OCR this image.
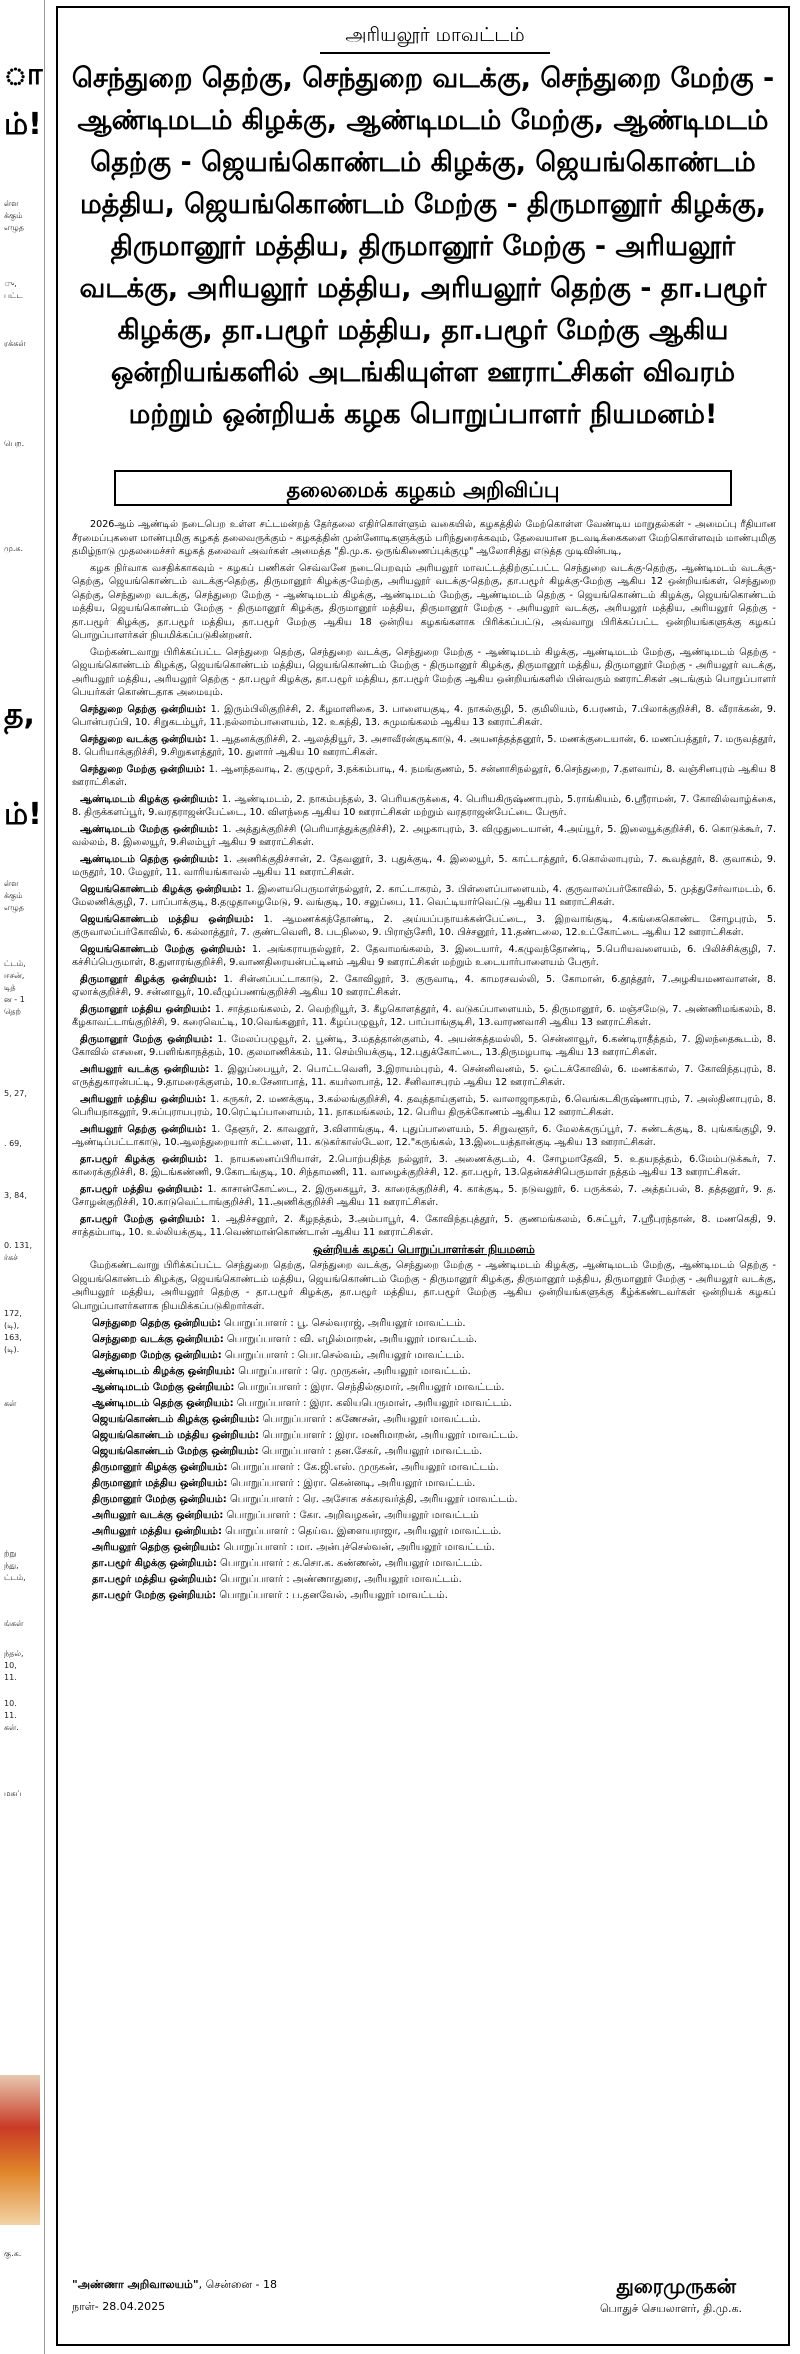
ா
ம்!
ள்ள
க்கும்
எழுத
ு,
பட்ட
ரக்கள்
பெற.
மு.க.
த,
ம்!
ள்ள
க்கும்
எழுத
ட்டம்,
ஈசன்,
டித்
ன - 1
தெற்
5, 27,
. 69,
3, 84,
0. 131,
ர்கச்
172,
(டி),
163,
(டி).
கள்
ற்று
ந்து,
ட்டம்,
ங்கள்
ந்தல்,
10,
11.
10.
11.
கள்.
மகப்
கு.க.
அரியலூர் மாவட்டம்
செந்துறை தெற்கு, செந்துறை வடக்கு, செந்துறை மேற்கு - ஆண்டிமடம் கிழக்கு, ஆண்டிமடம் மேற்கு, ஆண்டிமடம் தெற்கு - ஜெயங்கொண்டம் கிழக்கு, ஜெயங்கொண்டம் மத்திய, ஜெயங்கொண்டம் மேற்கு - திருமானூர் கிழக்கு, திருமானூர் மத்திய, திருமானூர் மேற்கு - அரியலூர் வடக்கு, அரியலூர் மத்திய, அரியலூர் தெற்கு - தா.பழூர் கிழக்கு, தா.பழூர் மத்திய, தா.பழூர் மேற்கு ஆகிய ஒன்றியங்களில் அடங்கியுள்ள ஊராட்சிகள் விவரம் மற்றும் ஒன்றியக் கழக பொறுப்பாளர் நியமனம்!
தலைமைக் கழகம் அறிவிப்பு

2026ஆம் ஆண்டில் நடைபெற உள்ள சட்டமன்றத் தேர்தலை எதிர்கொள்ளும் வகையில், கழகத்தில் மேற்கொள்ள வேண்டிய மாறுதல்கள் - அமைப்பு ரீதியான சீரமைப்புகளை மாண்புமிகு கழகத் தலைவருக்கும் - கழகத்தின் முன்னோடிகளுக்கும் பரிந்துரைக்கவும், தேவையான நடவடிக்கைகளை மேற்கொள்ளவும் மாண்புமிகு தமிழ்நாடு முதலமைச்சர் கழகத் தலைவர் அவர்கள் அமைத்த "தி.மு.க. ஒருங்கிணைப்புக்குழு" ஆலோசித்து எடுத்த முடிவின்படி,

கழக நிர்வாக வசதிக்காகவும் - கழகப் பணிகள் செவ்வனே நடைபெறவும் அரியலூர் மாவட்டத்திற்குட்பட்ட செந்துறை வடக்கு-தெற்கு, ஆண்டிமடம் வடக்கு-தெற்கு, ஜெயங்கொண்டம் வடக்கு-தெற்கு, திருமானூர் கிழக்கு-மேற்கு, அரியலூர் வடக்கு-தெற்கு, தா.பழூர் கிழக்கு-மேற்கு ஆகிய 12 ஒன்றியங்கள், செந்துறை தெற்கு, செந்துறை வடக்கு, செந்துறை மேற்கு - ஆண்டிமடம் கிழக்கு, ஆண்டிமடம் மேற்கு, ஆண்டிமடம் தெற்கு - ஜெயங்கொண்டம் கிழக்கு, ஜெயங்கொண்டம் மத்திய, ஜெயங்கொண்டம் மேற்கு - திருமானூர் கிழக்கு, திருமானூர் மத்திய, திருமானூர் மேற்கு - அரியலூர் வடக்கு, அரியலூர் மத்திய, அரியலூர் தெற்கு - தா.பழூர் கிழக்கு, தா.பழூர் மத்திய, தா.பழூர் மேற்கு ஆகிய 18 ஒன்றிய கழகங்களாக பிரிக்கப்பட்டு, அவ்வாறு பிரிக்கப்பட்ட ஒன்றியங்களுக்கு கழகப் பொறுப்பாளர்கள் நியமிக்கப்படுகின்றனர்.

மேற்கண்டவாறு பிரிக்கப்பட்ட செந்துறை தெற்கு, செந்துறை வடக்கு, செந்துறை மேற்கு - ஆண்டிமடம் கிழக்கு, ஆண்டிமடம் மேற்கு, ஆண்டிமடம் தெற்கு - ஜெயங்கொண்டம் கிழக்கு, ஜெயங்கொண்டம் மத்திய, ஜெயங்கொண்டம் மேற்கு - திருமானூர் கிழக்கு, திருமானூர் மத்திய, திருமானூர் மேற்கு - அரியலூர் வடக்கு, அரியலூர் மத்திய, அரியலூர் தெற்கு - தா.பழூர் கிழக்கு, தா.பழூர் மத்திய, தா.பழூர் மேற்கு ஆகிய ஒன்றியங்களில் பின்வரும் ஊராட்சிகள் அடங்கும் பொறுப்பாளர் பெயர்கள் கொண்டதாக அமையும்.

செந்துறை தெற்கு ஒன்றியம்: 1. இரும்பிலிகுறிச்சி, 2. கீழமாளிகை, 3. பாளையகுடி, 4. நாகல்குழி, 5. குமிலியம், 6.பரணம், 7.பிலாக்குறிச்சி, 8. வீராக்கன், 9. பொன்பரப்பி, 10. சிறுகடம்பூர், 11.நல்லாம்பாளையம், 12. உகந்தி, 13. சுமுமங்கலம் ஆகிய 13 ஊராட்சிகள்.

செந்துறை வடக்கு ஒன்றியம்: 1. ஆதனக்குறிச்சி, 2. ஆலத்தியூர், 3. அசாவீரன்குடிகாடு, 4. அயனத்தத்தனூர், 5. மணக்குடையான், 6. மணப்பத்தூர், 7. மருவத்தூர், 8. பெரியாக்குறிச்சி, 9.சிறுகளத்தூர், 10. துளார் ஆகிய 10 ஊராட்சிகள்.

செந்துறை மேற்கு ஒன்றியம்: 1. ஆனந்தவாடி, 2. குழுமூர், 3.நக்கம்பாடி, 4. நமங்குணம், 5. சன்னாசிநல்லூர், 6.செந்துறை, 7.தளவாய், 8. வஞ்சினபுரம் ஆகிய 8 ஊராட்சிகள்.

ஆண்டிமடம் கிழக்கு ஒன்றியம்: 1. ஆண்டிமடம், 2. நாகம்பந்தல், 3. பெரியகருக்கை, 4. பெரியகிருஷ்ணாபுரம், 5.ராங்கியம், 6.ஸ்ரீராமன், 7. கோவில்வாழ்க்கை, 8. திருக்களப்பூர், 9.வரதராஜன்பேட்டை, 10. விளந்தை ஆகிய 10 ஊராட்சிகள் மற்றும் வரதராஜன்பேட்டை பேரூர்.

ஆண்டிமடம் மேற்கு ஒன்றியம்: 1. அத்துக்குறிச்சி (பெரியாத்துக்குறிச்சி), 2. அழகாபுரம், 3. விழுதுடையான், 4.அய்யூர், 5. இலையூக்குறிச்சி, 6. கொடுக்கூர், 7. வல்லம், 8. இலையூர், 9.சிலம்பூர் ஆகிய 9 ஊராட்சிகள்.

ஆண்டிமடம் தெற்கு ஒன்றியம்: 1. அணிக்குதிச்சான், 2. தேவனூர், 3. புதுக்குடி, 4. இலையூர், 5. காட்டாத்தூர், 6.கொல்லாபுரம், 7. கூவத்தூர், 8. குவாகம், 9. மருதூர், 10. மேலூர், 11. வாரியங்காவல் ஆகிய 11 ஊராட்சிகள்.

ஜெயங்கொண்டம் கிழக்கு ஒன்றியம்: 1. இளையபெருமாள்நல்லூர், 2. காட்டாகரம், 3. பிள்ளைப்பாளையம், 4. குருவாலப்பர்கோவில், 5. முத்துசேர்வாமடம், 6. மேலணிக்குழி, 7. பாப்பாக்குடி, 8.தழுதாழைமேடு, 9. வங்குடி, 10. சலுப்பை, 11. வெட்டியார்வெட்டு ஆகிய 11 ஊராட்சிகள்.

ஜெயங்கொண்டம் மத்திய ஒன்றியம்: 1. ஆமணக்கந்தோண்டி, 2. அய்யப்பநாயக்கன்பேட்டை, 3. இறவாங்குடி, 4.கங்கைகொண்ட சோழபுரம், 5. குருவாலப்பர்கோவில், 6. கல்லாத்தூர், 7. குண்டவெளி, 8. படநிலை, 9. பிராஞ்சேரி, 10. பிச்சனூர், 11.தண்டலை, 12.உட்கோட்டை ஆகிய 12 ஊராட்சிகள்.

ஜெயங்கொண்டம் மேற்கு ஒன்றியம்: 1. அங்கராயநல்லூர், 2. தேவாமங்கலம், 3. இடையார், 4.கழுவந்தோண்டி, 5.பெரியவளையம், 6. பிலிச்சிக்குழி, 7. கச்சிப்பெருமாள், 8.துளாரங்குறிச்சி, 9.வாணதிரையன்பட்டினம் ஆகிய 9 ஊராட்சிகள் மற்றும் உடையார்பாளையம் பேரூர்.

திருமானூர் கிழக்கு ஒன்றியம்: 1. சின்னப்பட்டாகாடு, 2. கோவிலூர், 3. குருவாடி, 4. காமரசவல்லி, 5. கோமான், 6.தூத்தூர், 7.அழகியமணவாளன், 8. ஏலாக்குறிச்சி, 9. சன்னாவூர், 10.வீழுப்பணங்குறிச்சி ஆகிய 10 ஊராட்சிகள்.

திருமானூர் மத்திய ஒன்றியம்: 1. சாத்தமங்கலம், 2. வெற்றியூர், 3. கீழகொளத்தூர், 4. வடுகப்பாளையம், 5. திருமானூர், 6. மஞ்சமேடு, 7. அண்ணிமங்கலம், 8. கீழகாவட்டாங்குறிச்சி, 9. கரைவெட்டி, 10.வெங்கனூர், 11. கீழப்பழுவூர், 12. பாப்பாங்குடிசி, 13.வாரணவாசி ஆகிய 13 ஊராட்சிகள்.

திருமானூர் மேற்கு ஒன்றியம்: 1. மேலப்பழுவூர், 2. பூண்டி, 3.மதத்தான்குளம், 4. அயன்சுத்தமல்லி, 5. சென்னாவூர், 6.கண்டிராதீத்தம், 7. இலந்தைகூடம், 8. கோவில் எசனை, 9.பளிங்காநத்தம், 10. குலமாணிக்கம், 11. செம்பியக்குடி, 12.புதுக்கோட்டை, 13.திருமழபாடி ஆகிய 13 ஊராட்சிகள்.

அரியலூர் வடக்கு ஒன்றியம்: 1. இலுப்பையூர், 2. பொட்டவெளி, 3.இராயம்புரம், 4. சென்னிவனம், 5. ஓட்டக்கோவில், 6. மணக்கால், 7. கோவிந்தபுரம், 8. எருத்துகாரன்பட்டி, 9.தாமரைக்குளம், 10.உசேனாபாத், 11. கயர்லாபாத், 12. சீனிவாசபுரம் ஆகிய 12 ஊராட்சிகள்.

அரியலூர் மத்திய ஒன்றியம்: 1. கருகர், 2. மணக்குடி, 3.கல்லங்குறிச்சி, 4. தவுத்தாய்குளம், 5. வாலாஜாநகரம், 6.வெங்கடகிருஷ்ணாபுரம், 7. அஸ்தினாபுரம், 8. பெரியநாகலூர், 9.சுப்புராயபுரம், 10.ரெட்டிப்பாளையம், 11. நாகமங்கலம், 12. பெரிய திருக்கோணம் ஆகிய 12 ஊராட்சிகள்.

அரியலூர் தெற்கு ஒன்றியம்: 1. தேளூர், 2. காவனூர், 3.விளாங்குடி, 4. புதுப்பாளையம், 5. சிறுவளூர், 6. மேலக்கருப்பூர், 7. சுண்டக்குடி, 8. புங்கங்குழி, 9. ஆண்டிப்பட்டாகாடு, 10.ஆலந்துறையார் கட்டளை, 11. கடுகர்காஸ்டேலா, 12."கருங்கல், 13.இடையத்தான்குடி ஆகிய 13 ஊராட்சிகள்.

தா.பழூர் கிழக்கு ஒன்றியம்: 1. நாயகனைப்பிரியாள், 2.பொற்பதிந்த நல்லூர், 3. அணைக்குடம், 4. சோழமாதேவி, 5. உதயநத்தம், 6.மேம்படுக்கூர், 7. காரைக்குறிச்சி, 8. இடங்கண்ணி, 9.கோடங்குடி, 10. சிந்தாமணி, 11. வாழைக்குறிச்சி, 12. தா.பழூர், 13.தென்கச்சிபெருமாள் நத்தம் ஆகிய 13 ஊராட்சிகள்.

தா.பழூர் மத்திய ஒன்றியம்: 1. காசான்கோட்டை, 2. இருகையூர், 3. காரைக்குறிச்சி, 4. காக்குடி, 5. நடுவலூர், 6. பருக்கல், 7. அத்தப்பல், 8. தத்தனூர், 9. த. சோழன்குறிச்சி, 10.காடுவெட்டாங்குறிச்சி, 11.அணிக்குறிச்சி ஆகிய 11 ஊராட்சிகள்.

தா.பழூர் மேற்கு ஒன்றியம்: 1. ஆதிச்சனூர், 2. கீழநத்தம், 3.அம்பாபூர், 4. கோவிந்தபுத்தூர், 5. குணமங்கலம், 6.சுட்பூர், 7.ஸ்ரீபுரந்தான், 8. மணகெதி, 9. சாத்தம்பாடி, 10. உல்லியக்குடி, 11.வெண்மான்கொண்டான் ஆகிய 11 ஊராட்சிகள்.

ஒன்றியக் கழகப் பொறுப்பாளர்கள் நியமனம்

மேற்கண்டவாறு பிரிக்கப்பட்ட செந்துறை தெற்கு, செந்துறை வடக்கு, செந்துறை மேற்கு - ஆண்டிமடம் கிழக்கு, ஆண்டிமடம் மேற்கு, ஆண்டிமடம் தெற்கு - ஜெயங்கொண்டம் கிழக்கு, ஜெயங்கொண்டம் மத்திய, ஜெயங்கொண்டம் மேற்கு - திருமானூர் கிழக்கு, திருமானூர் மத்திய, திருமானூர் மேற்கு - அரியலூர் வடக்கு, அரியலூர் மத்திய, அரியலூர் தெற்கு - தா.பழூர் கிழக்கு, தா.பழூர் மத்திய, தா.பழூர் மேற்கு ஆகிய ஒன்றியங்களுக்கு கீழ்க்கண்டவர்கள் ஒன்றியக் கழகப் பொறுப்பாளர்களாக நியமிக்கப்படுகிறார்கள்.

செந்துறை தெற்கு ஒன்றியம்: பொறுப்பாளர் : பூ. செல்வராஜ், அரியலூர் மாவட்டம்.
செந்துறை வடக்கு ஒன்றியம்: பொறுப்பாளர் : வி. எழில்மாறன், அரியலூர் மாவட்டம்.
செந்துறை மேற்கு ஒன்றியம்: பொறுப்பாளர் : பொ.செல்வம், அரியலூர் மாவட்டம்.
ஆண்டிமடம் கிழக்கு ஒன்றியம்: பொறுப்பாளர் : ரெ. முருகன், அரியலூர் மாவட்டம்.
ஆண்டிமடம் மேற்கு ஒன்றியம்: பொறுப்பாளர் : இரா. செந்தில்குமார், அரியலூர் மாவட்டம்.
ஆண்டிமடம் தெற்கு ஒன்றியம்: பொறுப்பாளர் : இரா. கலியபெருமாள், அரியலூர் மாவட்டம்.
ஜெயங்கொண்டம் கிழக்கு ஒன்றியம்: பொறுப்பாளர் : கணேசன், அரியலூர் மாவட்டம்.
ஜெயங்கொண்டம் மத்திய ஒன்றியம்: பொறுப்பாளர் : இரா. மணிமாறன், அரியலூர் மாவட்டம்.
ஜெயங்கொண்டம் மேற்கு ஒன்றியம்: பொறுப்பாளர் : தன.சேகர், அரியலூர் மாவட்டம்.
திருமானூர் கிழக்கு ஒன்றியம்: பொறுப்பாளர் : கே.ஜி.எஸ். முருகன், அரியலூர் மாவட்டம்.
திருமானூர் மத்திய ஒன்றியம்: பொறுப்பாளர் : இரா. கென்னடி, அரியலூர் மாவட்டம்.
திருமானூர் மேற்கு ஒன்றியம்: பொறுப்பாளர் : ரெ. அசோக சக்கரவர்த்தி, அரியலூர் மாவட்டம்.
அரியலூர் வடக்கு ஒன்றியம்: பொறுப்பாளர் : கோ. அறிவழகன், அரியலூர் மாவட்டம்
அரியலூர் மத்திய ஒன்றியம்: பொறுப்பாளர் : தெய்வ. இளையராஜா, அரியலூர் மாவட்டம்.
அரியலூர் தெற்கு ஒன்றியம்: பொறுப்பாளர் : மா. அன்புச்செல்வன், அரியலூர் மாவட்டம்.
தா.பழூர் கிழக்கு ஒன்றியம்: பொறுப்பாளர் : க.சொ.க. கண்ணன், அரியலூர் மாவட்டம்.
தா.பழூர் மத்திய ஒன்றியம்: பொறுப்பாளர் : அண்ணாதுரை, அரியலூர் மாவட்டம்.
தா.பழூர் மேற்கு ஒன்றியம்: பொறுப்பாளர் : ப.தனவேல், அரியலூர் மாவட்டம்.
"அண்ணா அறிவாலயம்", சென்னை - 18
நாள்- 28.04.2025
துரைமுருகன்
பொதுச் செயலாளர், தி.மு.க.
